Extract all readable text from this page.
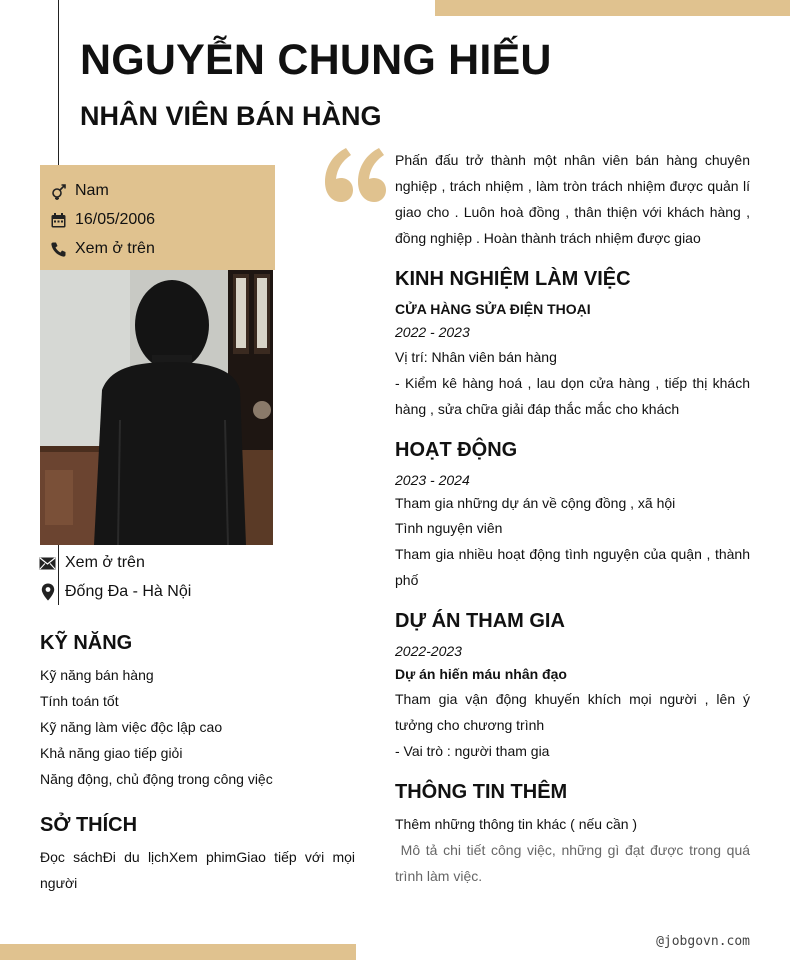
NGUYỄN CHUNG HIẾU
NHÂN VIÊN BÁN HÀNG
Nam
16/05/2006
Xem ở trên
Xem ở trên
Đống Đa - Hà Nội
KỸ NĂNG
Kỹ năng bán hàng
Tính toán tốt
Kỹ năng làm việc độc lập cao
Khả năng giao tiếp giỏi
Năng động, chủ động trong công việc
SỞ THÍCH
Đọc sáchĐi du lịchXem phimGiao tiếp với mọi người
Phấn đấu trở thành một nhân viên bán hàng chuyên nghiệp , trách nhiệm , làm tròn trách nhiệm được quản lí giao cho . Luôn hoà đồng , thân thiện với khách hàng , đồng nghiệp . Hoàn thành trách nhiệm được giao
KINH NGHIỆM LÀM VIỆC
CỬA HÀNG SỬA ĐIỆN THOẠI
2022 - 2023
Vị trí: Nhân viên bán hàng
- Kiểm kê hàng hoá , lau dọn cửa hàng , tiếp thị khách hàng , sửa chữa giải đáp thắc mắc cho khách
HOẠT ĐỘNG
2023 - 2024
Tham gia những dự án về cộng đồng , xã hội
Tình nguyện viên
Tham gia nhiều hoạt động tình nguyện của quận , thành phố
DỰ ÁN THAM GIA
2022-2023
Dự án hiến máu nhân đạo
Tham gia vận động khuyến khích mọi người , lên ý tưởng cho chương trình
- Vai trò : người tham gia
THÔNG TIN THÊM
Thêm những thông tin khác ( nếu cần )
Mô tả chi tiết công việc, những gì đạt được trong quá trình làm việc.
@jobgovn.com
